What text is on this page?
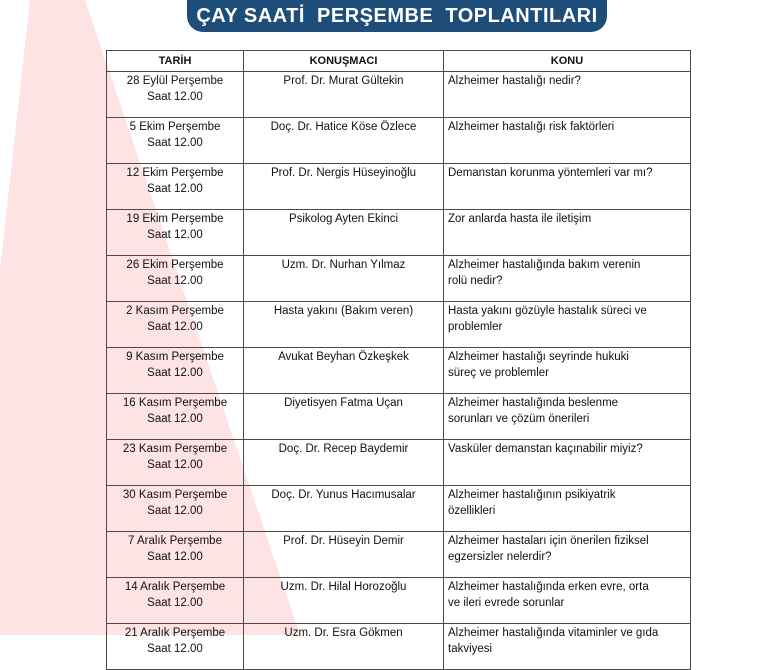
ÇAY SAATİ  PERŞEMBE  TOPLANTILARI
TARİH	KONUŞMACI	KONU

28 Eylül Perşembe
Saat 12.00	Prof. Dr. Murat Gültekin	Alzheimer hastalığı nedir?

5 Ekim Perşembe
Saat 12.00	Doç. Dr. Hatice Köse Özlece	Alzheimer hastalığı risk faktörleri

12 Ekim Perşembe
Saat 12.00	Prof. Dr. Nergis Hüseyinoğlu	Demanstan korunma yöntemleri var mı?

19 Ekim Perşembe
Saat 12.00	Psikolog Ayten Ekinci	Zor anlarda hasta ile iletişim

26 Ekim Perşembe
Saat 12.00	Uzm. Dr. Nurhan Yılmaz	Alzheimer hastalığında bakım verenin
rolü nedir?

2 Kasım Perşembe
Saat 12.00	Hasta yakını (Bakım veren)	Hasta yakını gözüyle hastalık süreci ve
problemler

9 Kasım Perşembe
Saat 12.00	Avukat Beyhan Özkeşkek	Alzheimer hastalığı seyrinde hukuki
süreç ve problemler

16 Kasım Perşembe
Saat 12.00	Diyetisyen Fatma Uçan	Alzheimer hastalığında beslenme
sorunları ve çözüm önerileri

23 Kasım Perşembe
Saat 12.00	Doç. Dr. Recep Baydemir	Vasküler demanstan kaçınabilir miyiz?

30 Kasım Perşembe
Saat 12.00	Doç. Dr. Yunus Hacımusalar	Alzheimer hastalığının psikiyatrik
özellikleri

7 Aralık Perşembe
Saat 12.00	Prof. Dr. Hüseyin Demir	Alzheimer hastaları için önerilen fiziksel
egzersizler nelerdir?

14 Aralık Perşembe
Saat 12.00	Uzm. Dr. Hilal Horozoğlu	Alzheimer hastalığında erken evre, orta
ve ileri evrede sorunlar

21 Aralık Perşembe
Saat 12.00	Uzm. Dr. Esra Gökmen	Alzheimer hastalığında vitaminler ve gıda
takviyesi
